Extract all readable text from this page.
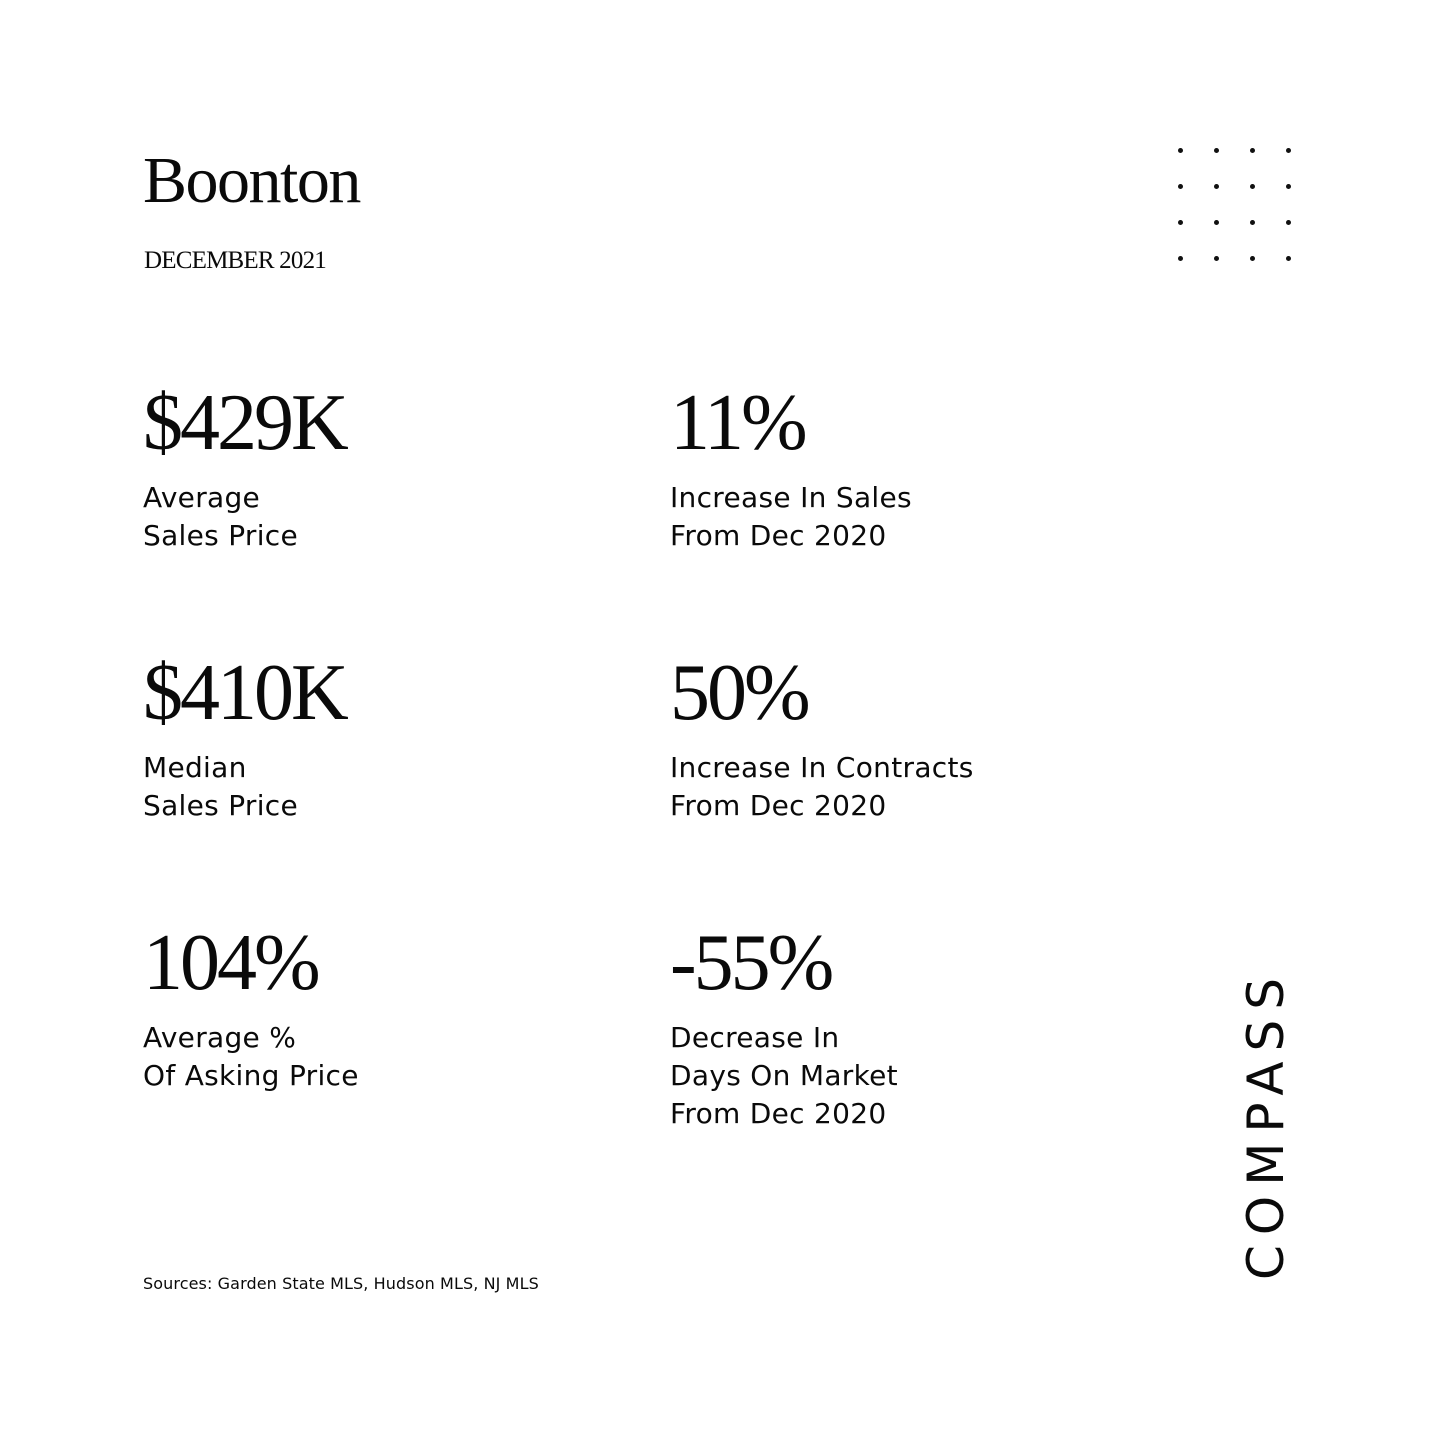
Boonton
DECEMBER 2021
$429K
Average
Sales Price
11%
Increase In Sales
From Dec 2020
$410K
Median
Sales Price
50%
Increase In Contracts
From Dec 2020
104%
Average %
Of Asking Price
-55%
Decrease In
Days On Market
From Dec 2020
Sources: Garden State MLS, Hudson MLS, NJ MLS
COMPASS
